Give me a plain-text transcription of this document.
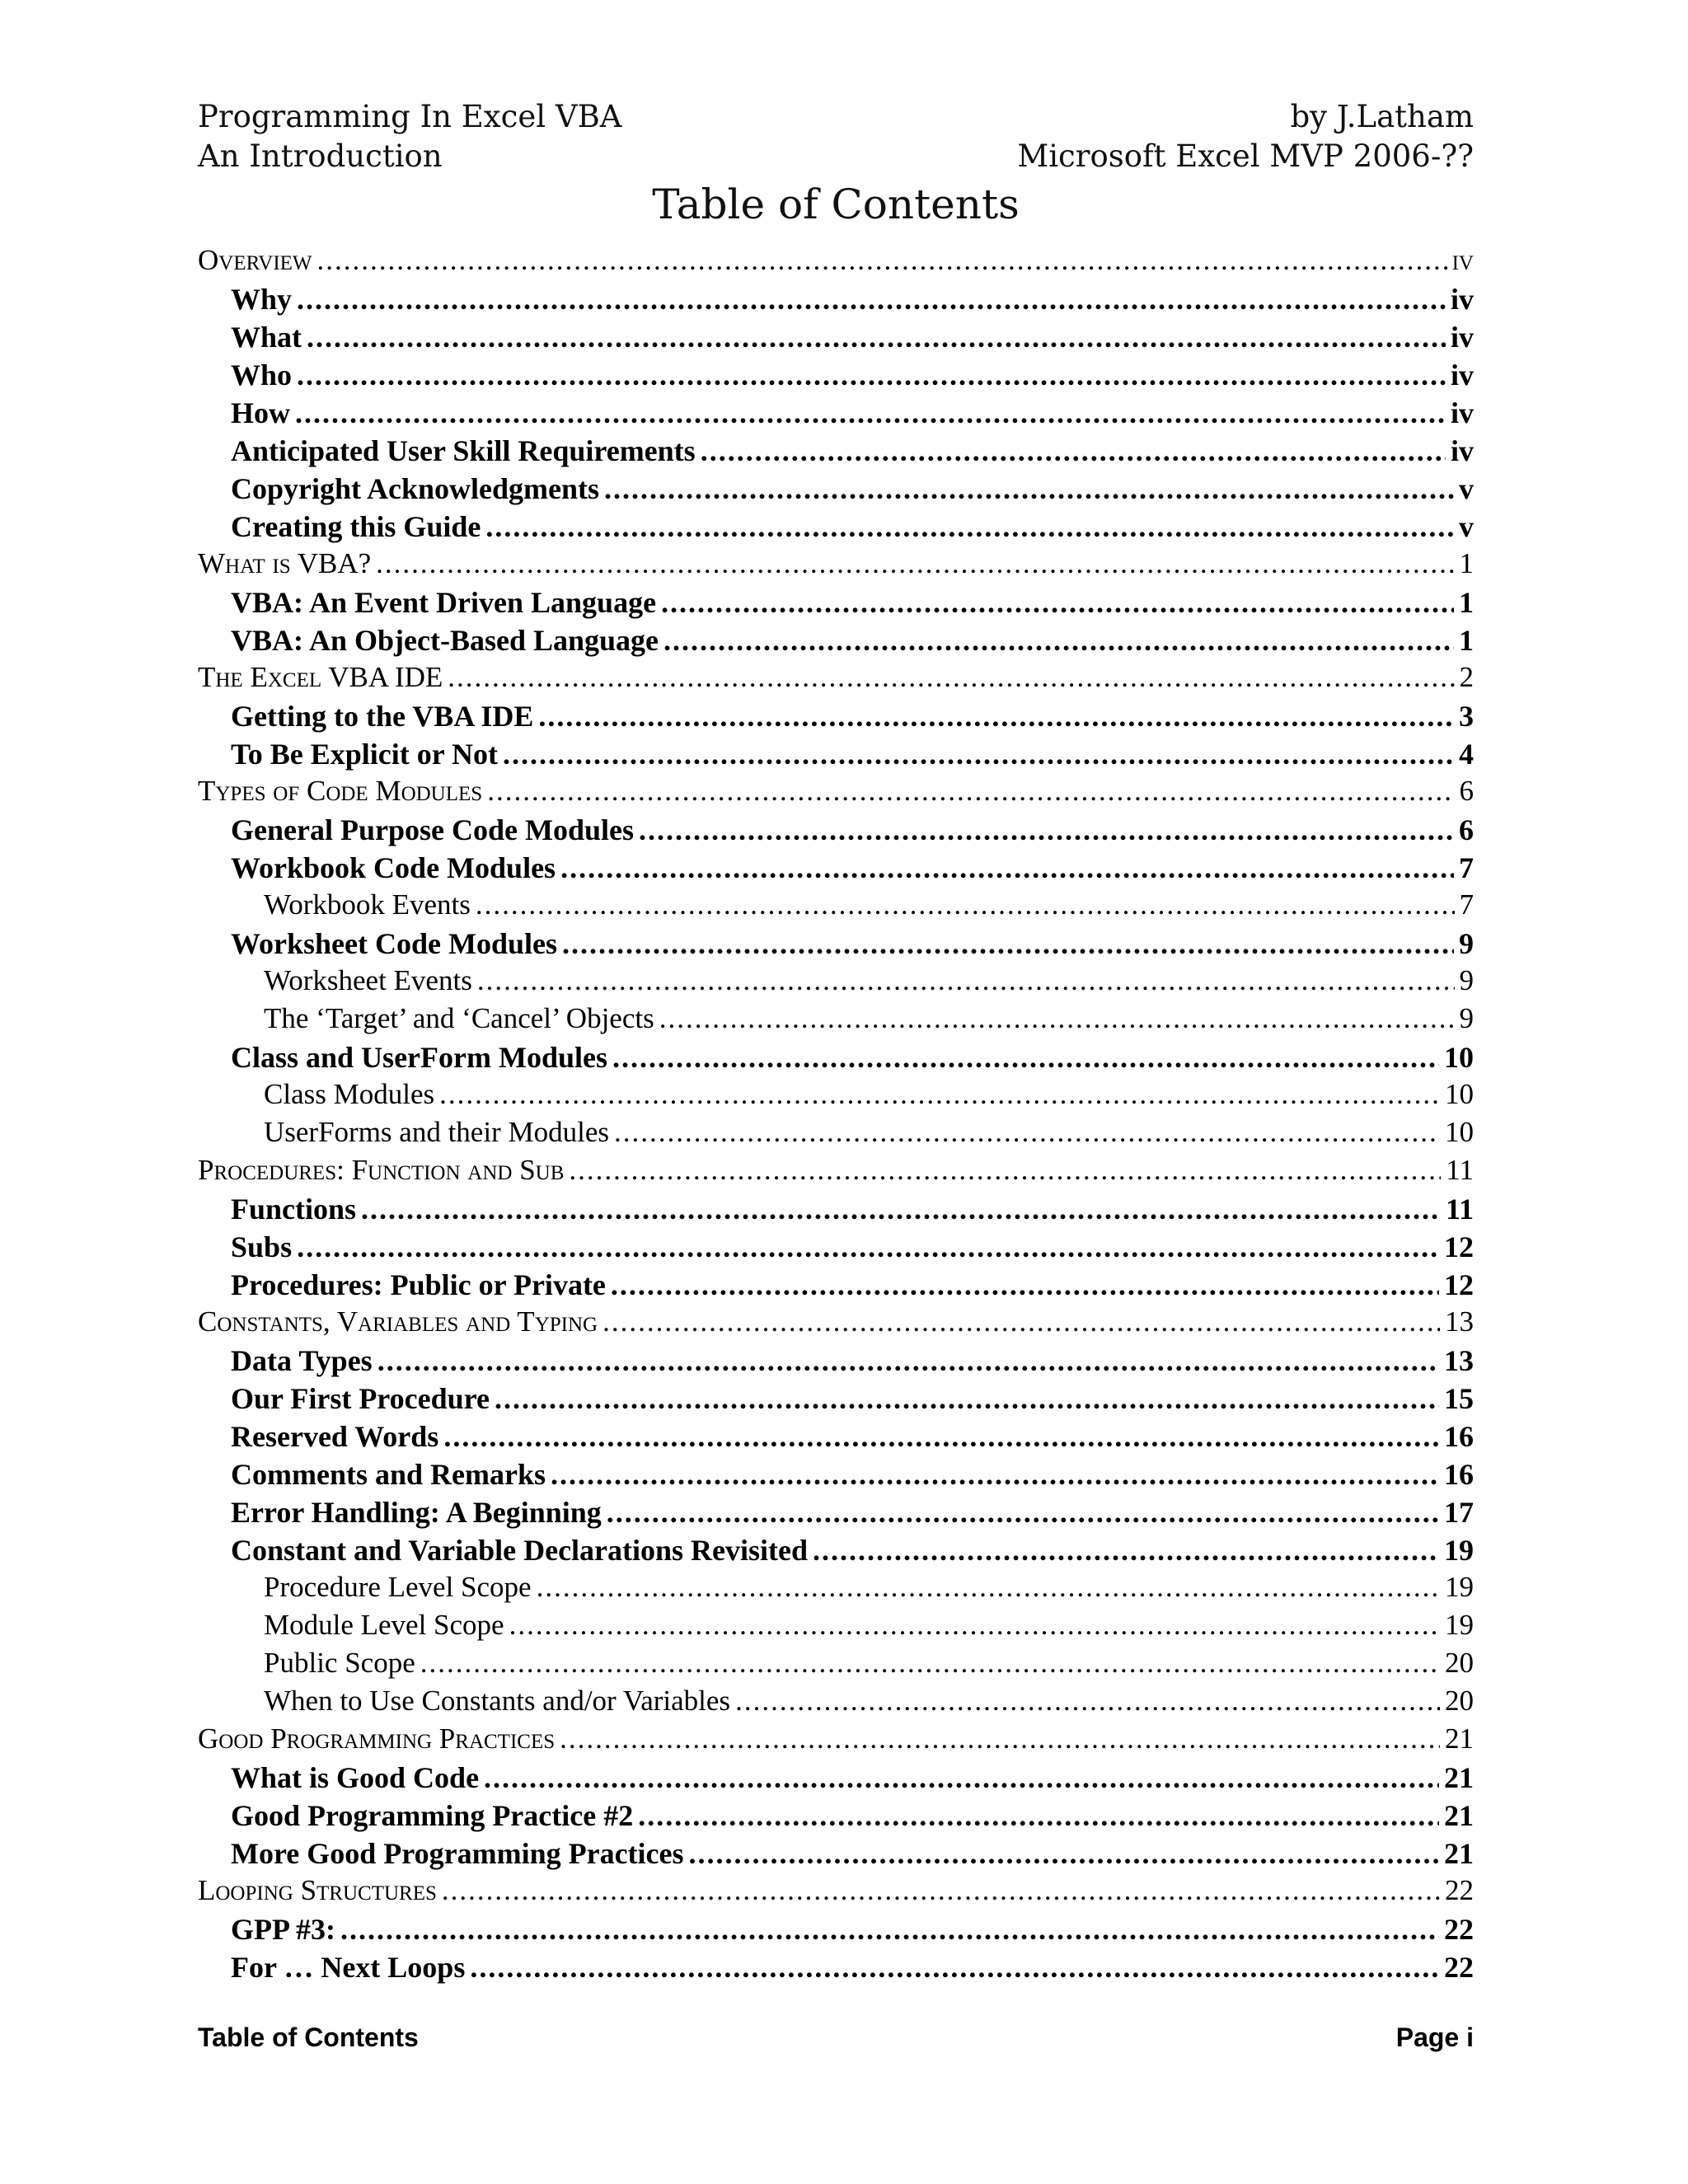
Programming In Excel VBA	by J.Latham
An Introduction	Microsoft Excel MVP 2006-??
Table of Contents
Overview .....	iv
Why .....	iv
What .....	iv
Who .....	iv
How .....	iv
Anticipated User Skill Requirements .....	iv
Copyright Acknowledgments .....	v
Creating this Guide .....	v
What is VBA? .....	1
VBA: An Event Driven Language .....	1
VBA: An Object-Based Language .....	1
The Excel VBA IDE .....	2
Getting to the VBA IDE .....	3
To Be Explicit or Not .....	4
Types of Code Modules .....	6
General Purpose Code Modules .....	6
Workbook Code Modules .....	7
Workbook Events .....	7
Worksheet Code Modules .....	9
Worksheet Events .....	9
The ‘Target’ and ‘Cancel’ Objects .....	9
Class and UserForm Modules .....	10
Class Modules .....	10
UserForms and their Modules .....	10
Procedures: Function and Sub .....	11
Functions .....	11
Subs .....	12
Procedures: Public or Private .....	12
Constants, Variables and Typing .....	13
Data Types .....	13
Our First Procedure .....	15
Reserved Words .....	16
Comments and Remarks .....	16
Error Handling: A Beginning .....	17
Constant and Variable Declarations Revisited .....	19
Procedure Level Scope .....	19
Module Level Scope .....	19
Public Scope .....	20
When to Use Constants and/or Variables .....	20
Good Programming Practices .....	21
What is Good Code .....	21
Good Programming Practice #2 .....	21
More Good Programming Practices .....	21
Looping Structures .....	22
GPP #3: .....	22
For … Next Loops .....	22
Table of Contents	Page i
